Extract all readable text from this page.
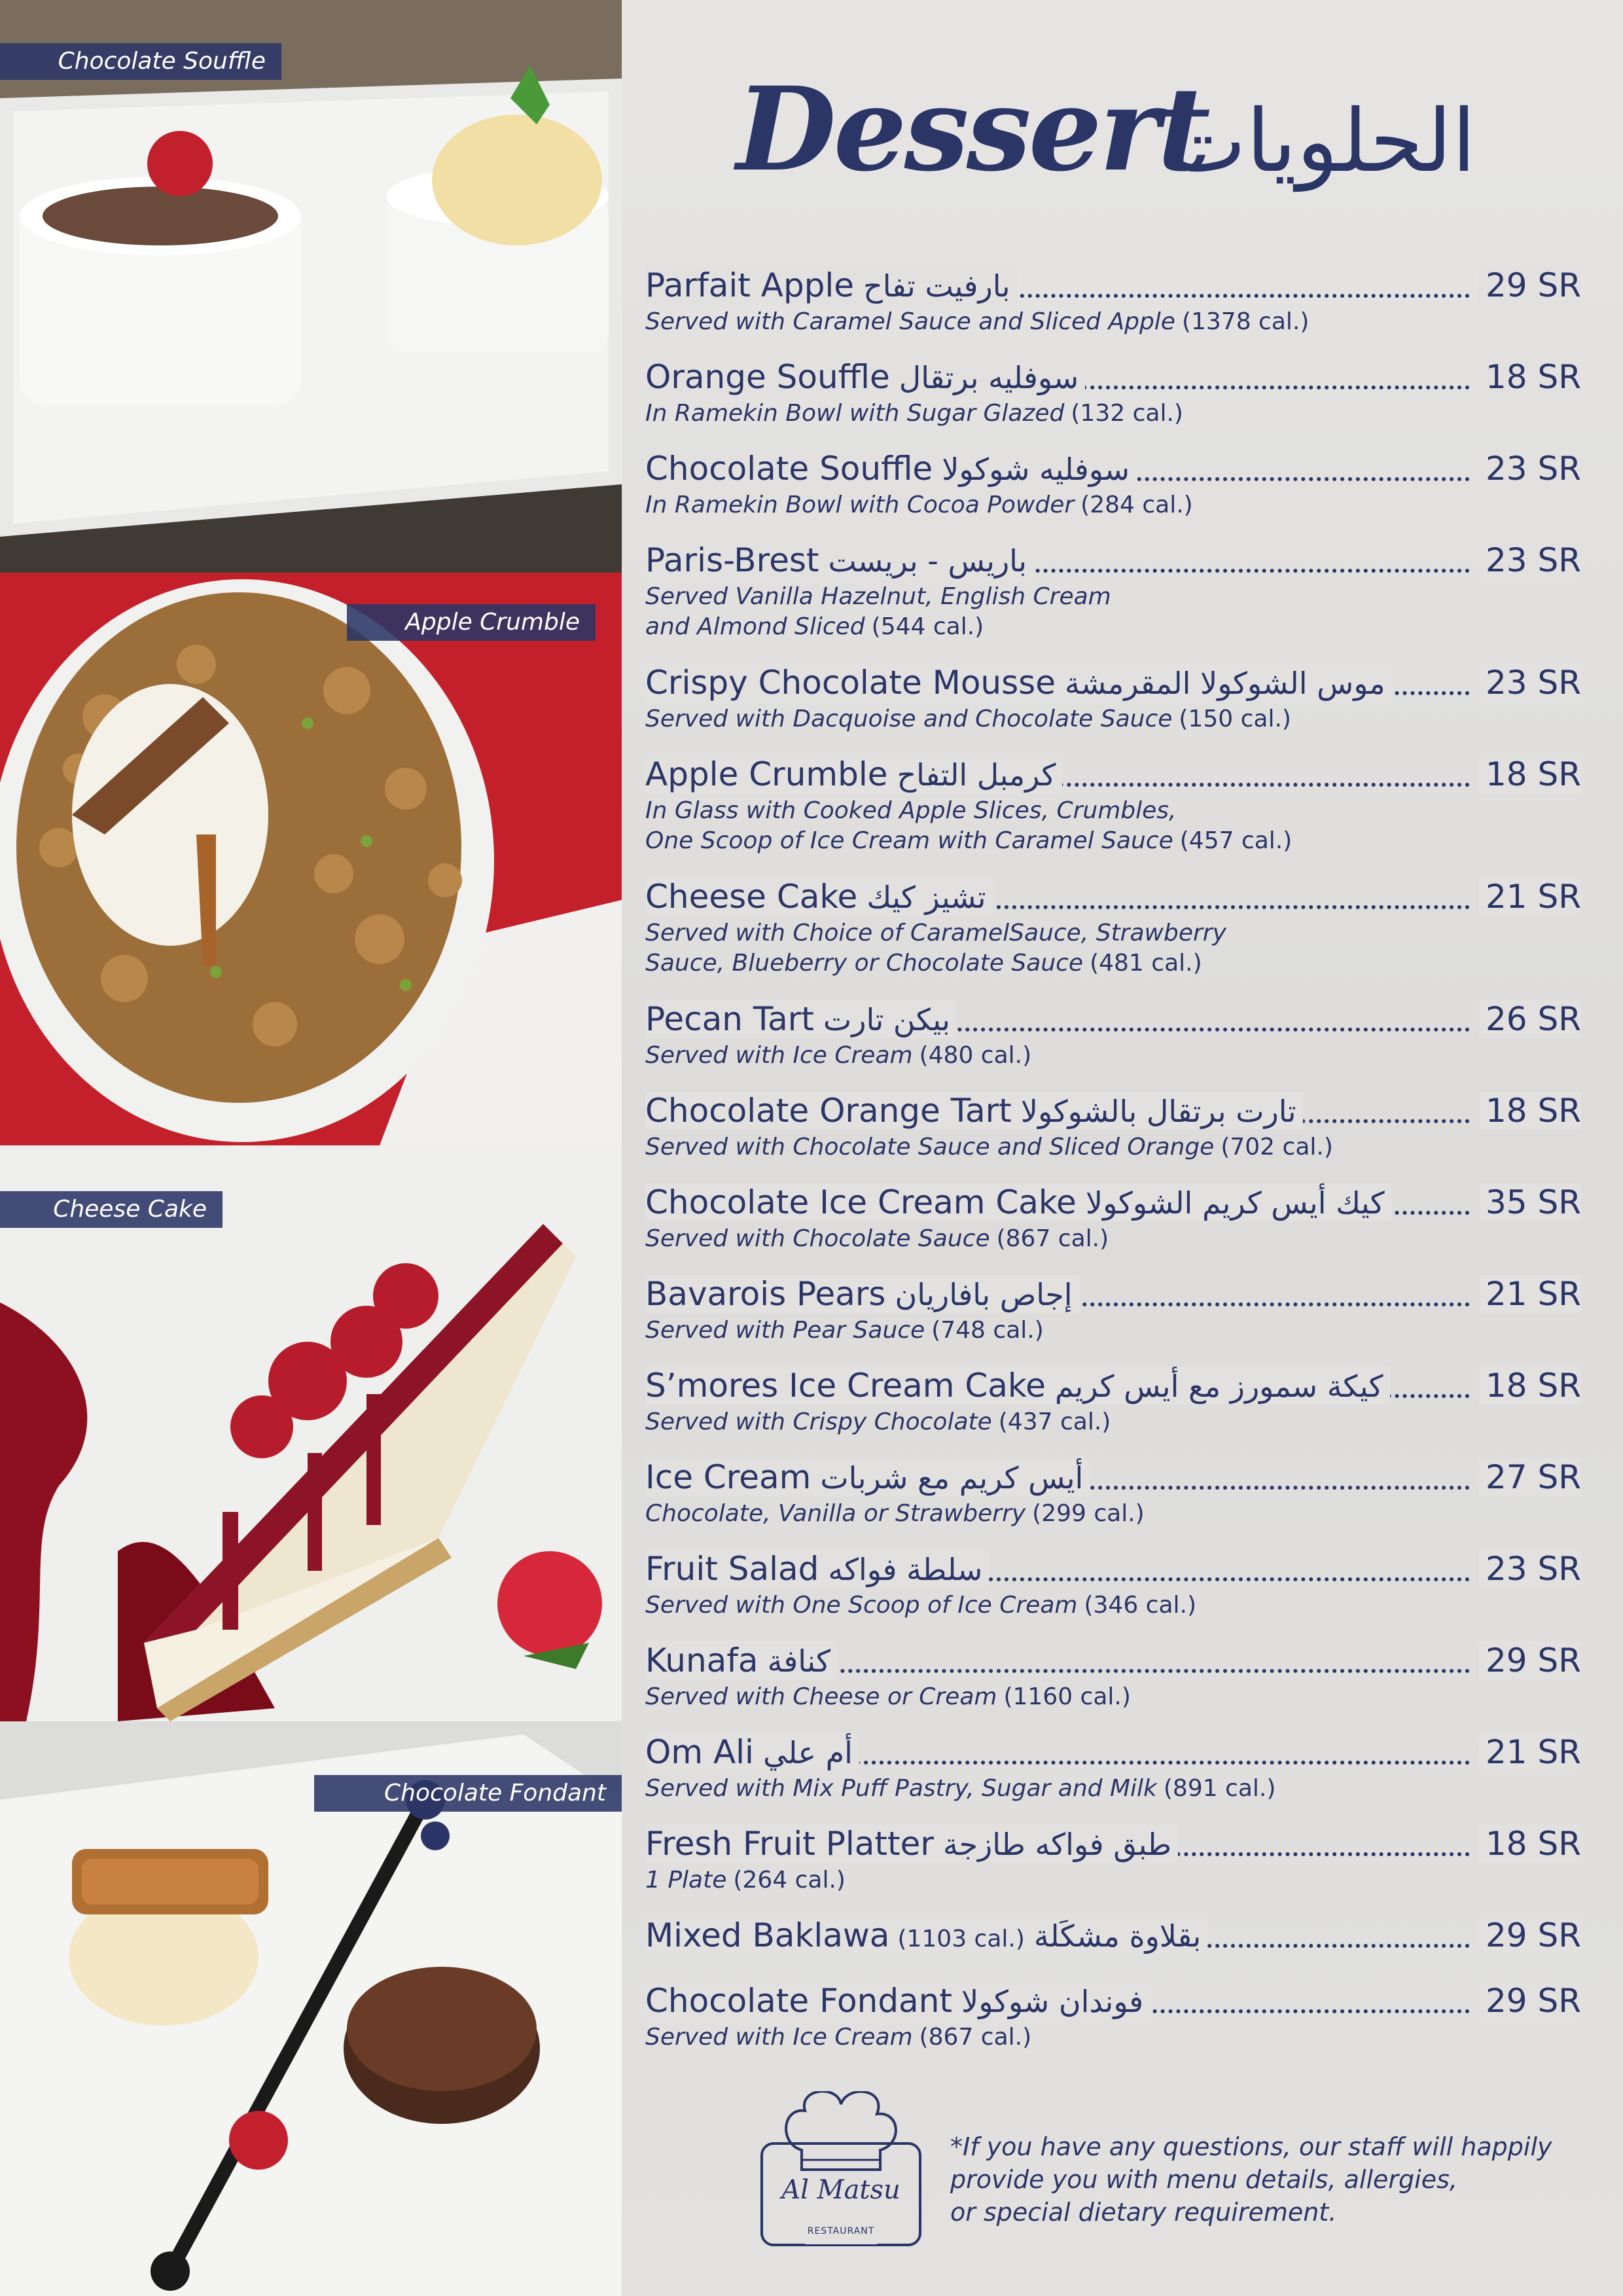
Chocolate Souffle
Apple Crumble
Cheese Cake
Chocolate Fondant
Dessert
الحلويات
Parfait Apple بارفيت تفاح	29 SR
Served with Caramel Sauce and Sliced Apple (1378 cal.)
Orange Souffle سوفليه برتقال	18 SR
In Ramekin Bowl with Sugar Glazed (132 cal.)
Chocolate Souffle سوفليه شوكولا	23 SR
In Ramekin Bowl with Cocoa Powder (284 cal.)
Paris-Brest باريس - بريست	23 SR
Served Vanilla Hazelnut, English Cream
and Almond Sliced (544 cal.)
Crispy Chocolate Mousse موس الشوكولا المقرمشة	23 SR
Served with Dacquoise and Chocolate Sauce (150 cal.)
Apple Crumble كرمبل التفاح	18 SR
In Glass with Cooked Apple Slices, Crumbles,
One Scoop of Ice Cream with Caramel Sauce (457 cal.)
Cheese Cake تشيز كيك	21 SR
Served with Choice of CaramelSauce, Strawberry
Sauce, Blueberry or Chocolate Sauce (481 cal.)
Pecan Tart بيكن تارت	26 SR
Served with Ice Cream (480 cal.)
Chocolate Orange Tart تارت برتقال بالشوكولا	18 SR
Served with Chocolate Sauce and Sliced Orange (702 cal.)
Chocolate Ice Cream Cake كيك أيس كريم الشوكولا	35 SR
Served with Chocolate Sauce (867 cal.)
Bavarois Pears إجاص بافاريان	21 SR
Served with Pear Sauce (748 cal.)
S’mores Ice Cream Cake كيكة سمورز مع أيس كريم	18 SR
Served with Crispy Chocolate (437 cal.)
Ice Cream أيس كريم مع شربات	27 SR
Chocolate, Vanilla or Strawberry (299 cal.)
Fruit Salad سلطة فواكه	23 SR
Served with One Scoop of Ice Cream (346 cal.)
Kunafa كنافة	29 SR
Served with Cheese or Cream (1160 cal.)
Om Ali أم علي	21 SR
Served with Mix Puff Pastry, Sugar and Milk (891 cal.)
Fresh Fruit Platter طبق فواكه طازجة	18 SR
1 Plate (264 cal.)
Mixed Baklawa (1103 cal.) بقلاوة مشكَلة	29 SR
Chocolate Fondant فوندان شوكولا	29 SR
Served with Ice Cream (867 cal.)
Al Matsu
RESTAURANT
*If you have any questions, our staff will happily
provide you with menu details, allergies,
or special dietary requirement.
